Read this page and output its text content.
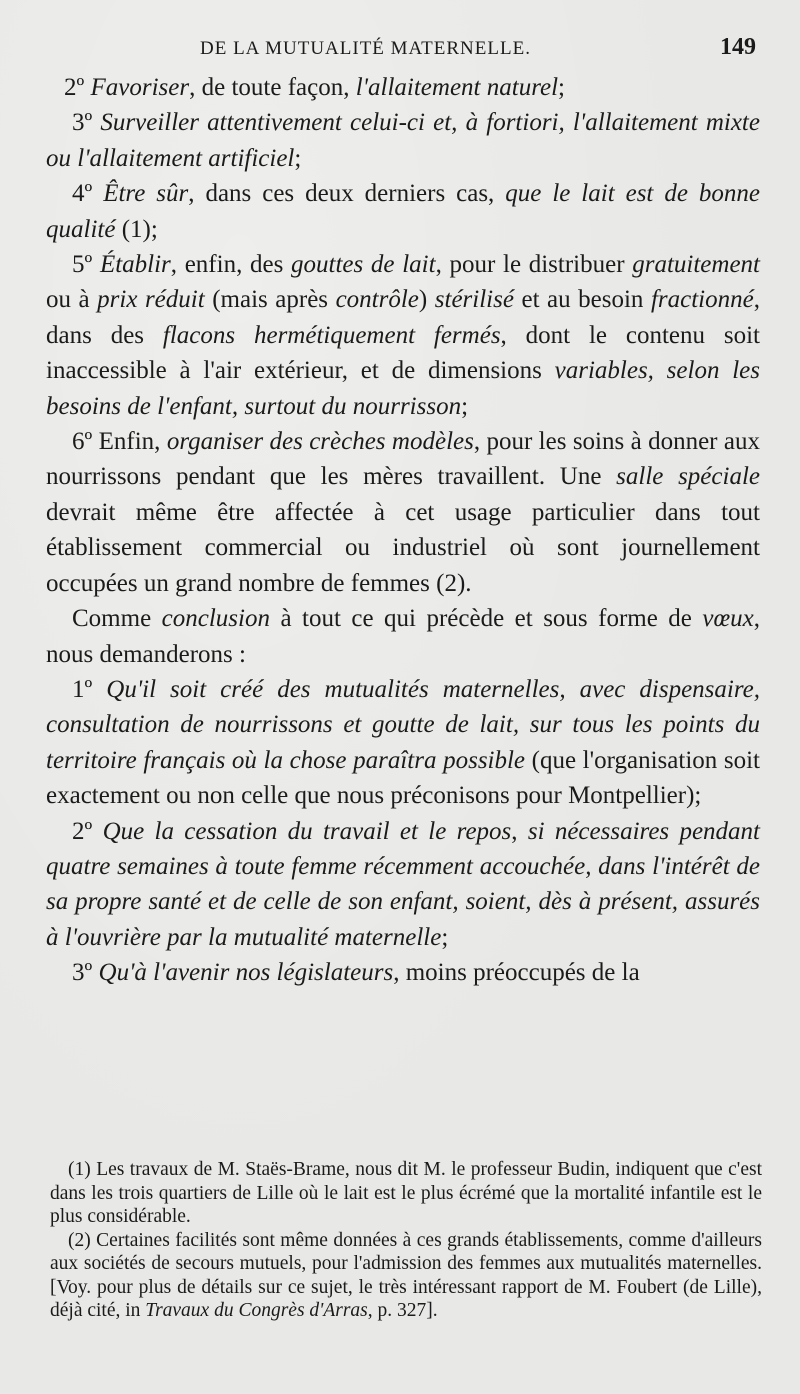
DE LA MUTUALITÉ MATERNELLE.	149

2º Favoriser, de toute façon, l'allaitement naturel;

3º Surveiller attentivement celui-ci et, à fortiori, l'allaitement mixte ou l'allaitement artificiel;

4º Être sûr, dans ces deux derniers cas, que le lait est de bonne qualité (1);

5º Établir, enfin, des gouttes de lait, pour le distribuer gratuitement ou à prix réduit (mais après contrôle) stérilisé et au besoin fractionné, dans des flacons hermétiquement fermés, dont le contenu soit inaccessible à l'air extérieur, et de dimensions variables, selon les besoins de l'enfant, surtout du nourrisson;

6º Enfin, organiser des crèches modèles, pour les soins à donner aux nourrissons pendant que les mères travaillent. Une salle spéciale devrait même être affectée à cet usage particulier dans tout établissement commercial ou industriel où sont journellement occupées un grand nombre de femmes (2).

Comme conclusion à tout ce qui précède et sous forme de vœux, nous demanderons :

1º Qu'il soit créé des mutualités maternelles, avec dispensaire, consultation de nourrissons et goutte de lait, sur tous les points du territoire français où la chose paraîtra possible (que l'organisation soit exactement ou non celle que nous préconisons pour Montpellier);

2º Que la cessation du travail et le repos, si nécessaires pendant quatre semaines à toute femme récemment accouchée, dans l'intérêt de sa propre santé et de celle de son enfant, soient, dès à présent, assurés à l'ouvrière par la mutualité maternelle;

3º Qu'à l'avenir nos législateurs, moins préoccupés de la

(1) Les travaux de M. Staës-Brame, nous dit M. le professeur Budin, indiquent que c'est dans les trois quartiers de Lille où le lait est le plus écrémé que la mortalité infantile est le plus considérable.

(2) Certaines facilités sont même données à ces grands établissements, comme d'ailleurs aux sociétés de secours mutuels, pour l'admission des femmes aux mutualités maternelles. [Voy. pour plus de détails sur ce sujet, le très intéressant rapport de M. Foubert (de Lille), déjà cité, in Travaux du Congrès d'Arras, p. 327].
